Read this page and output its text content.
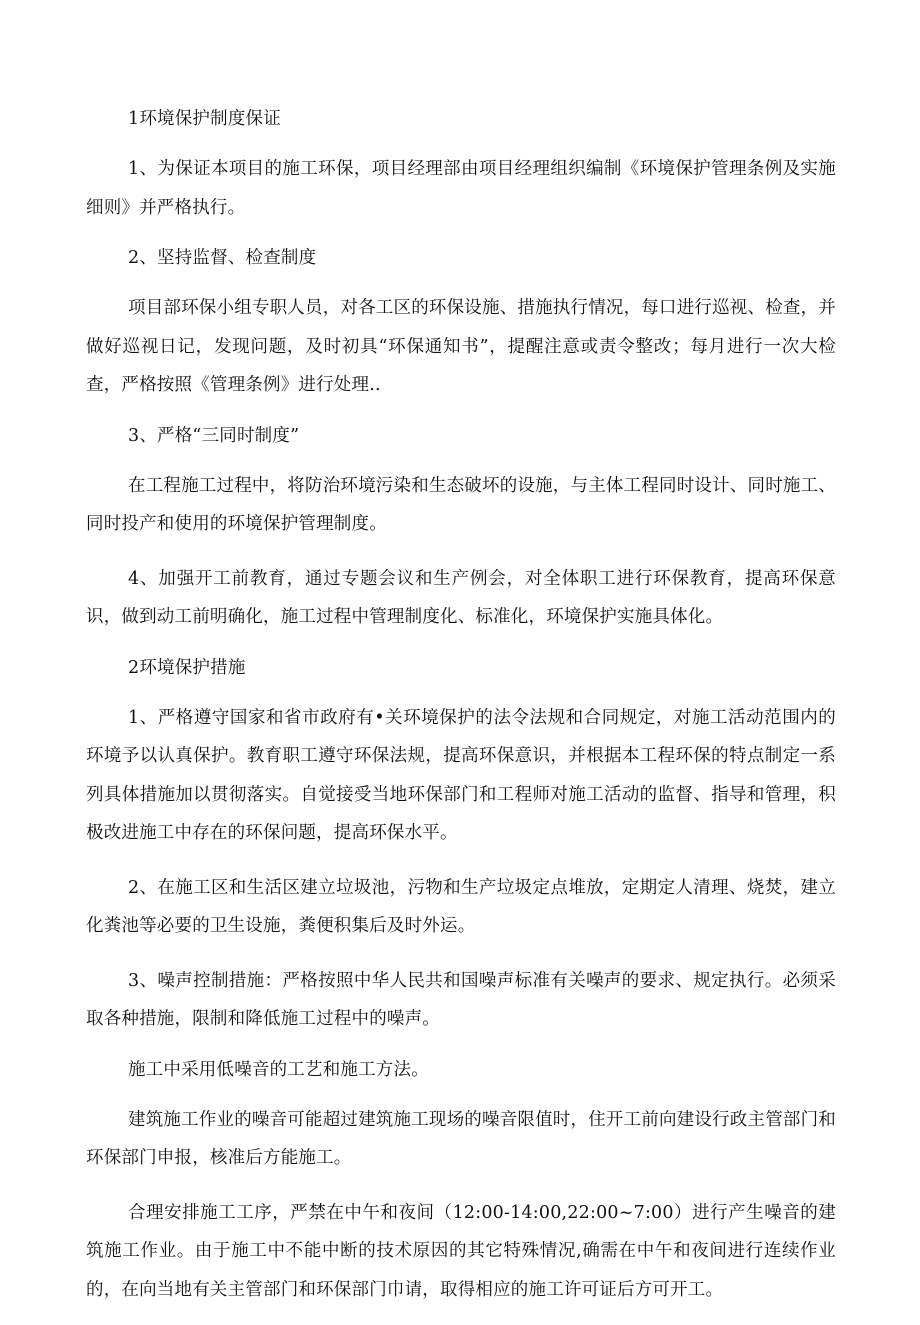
1环境保护制度保证

1、为保证本项目的施工环保，项目经理部由项目经理组织编制《环境保护管理条例及实施细则》并严格执行。

2、坚持监督、检查制度

项目部环保小组专职人员，对各工区的环保设施、措施执行情况，每口进行巡视、检查，并做好巡视日记，发现问题，及时初具“环保通知书”，提醒注意或责令整改；每月进行一次大检查，严格按照《管理条例》进行处理..

3、严格“三同时制度”

在工程施工过程中，将防治环境污染和生态破坏的设施，与主体工程同时设计、同时施工、同时投产和使用的环境保护管理制度。

4、加强开工前教育，通过专题会议和生产例会，对全体职工进行环保教育，提高环保意识，做到动工前明确化，施工过程中管理制度化、标准化，环境保护实施具体化。

2环境保护措施

1、严格遵守国家和省市政府有•关环境保护的法令法规和合同规定，对施工活动范围内的环境予以认真保护。教育职工遵守环保法规，提高环保意识，并根据本工程环保的特点制定一系列具体措施加以贯彻落实。自觉接受当地环保部门和工程师对施工活动的监督、指导和管理，积极改进施工中存在的环保问题，提高环保水平。

2、在施工区和生活区建立垃圾池，污物和生产垃圾定点堆放，定期定人清理、烧焚，建立化粪池等必要的卫生设施，粪便积集后及时外运。

3、噪声控制措施：严格按照中华人民共和国噪声标准有关噪声的要求、规定执行。必须采取各种措施，限制和降低施工过程中的噪声。

施工中采用低噪音的工艺和施工方法。

建筑施工作业的噪音可能超过建筑施工现场的噪音限值时，住开工前向建设行政主管部门和环保部门申报，核准后方能施工。

合理安排施工工序，严禁在中午和夜间（12:00-14:00,22:00~7:00）进行产生噪音的建筑施工作业。由于施工中不能中断的技术原因的其它特殊情况,确需在中午和夜间进行连续作业的，在向当地有关主管部门和环保部门巾请，取得相应的施工许可证后方可开工。
